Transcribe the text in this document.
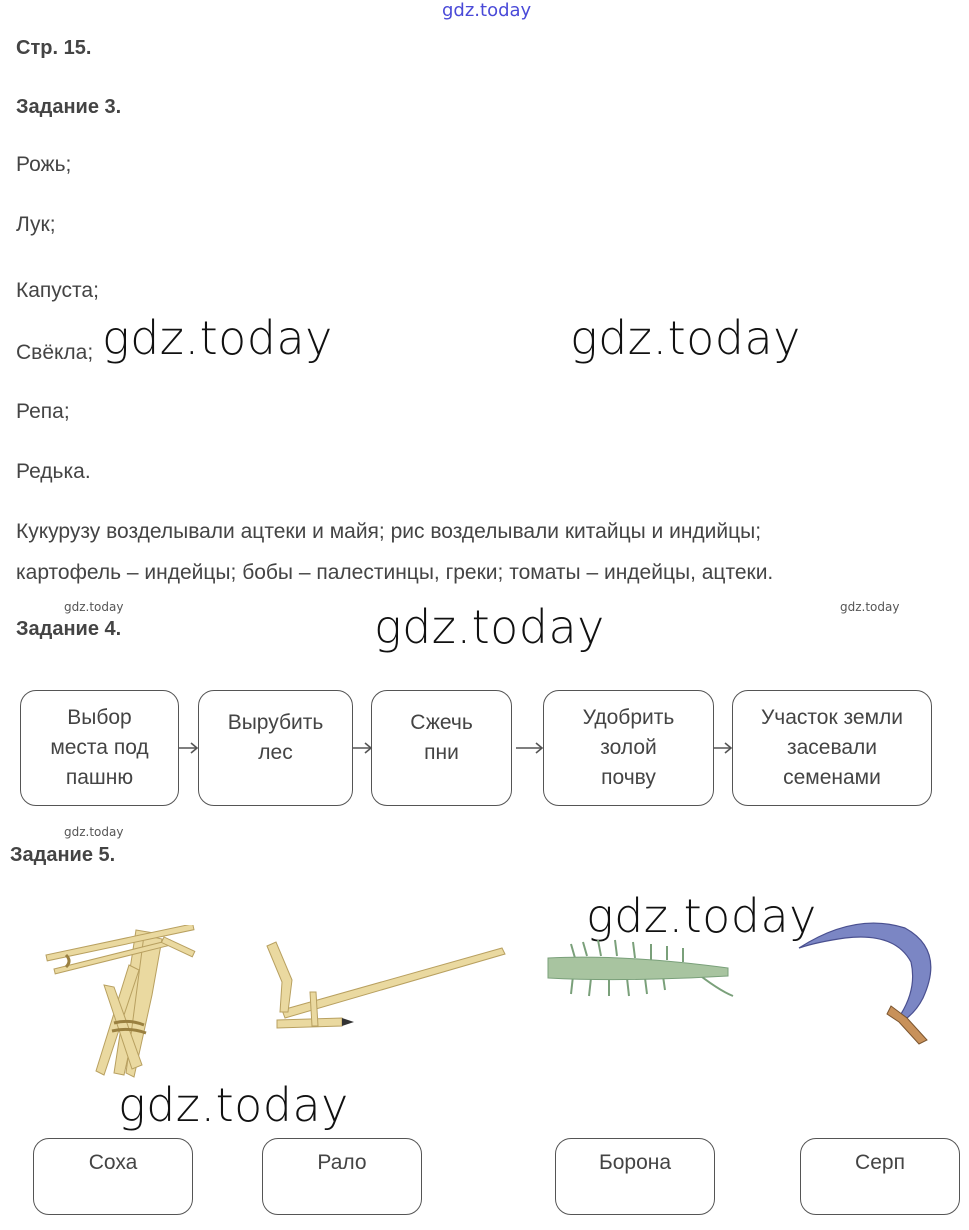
gdz.today
Стр. 15.
Задание 3.
Рожь;
Лук;
Капуста;
Свёкла;
Репа;
Редька.
Кукурузу возделывали ацтеки и майя; рис возделывали китайцы и индийцы;
картофель – индейцы; бобы – палестинцы, греки; томаты – индейцы, ацтеки.
gdz.today	gdz.today
gdz.today
gdz.today
gdz.today
gdz.today	gdz.today
gdz.today
Задание 4.
Выбор
места под
пашню
Вырубить
лес
Сжечь
пни
Удобрить
золой
почву
Участок земли
засевали
семенами
Задание 5.
Соха	Рало	Борона	Серп
